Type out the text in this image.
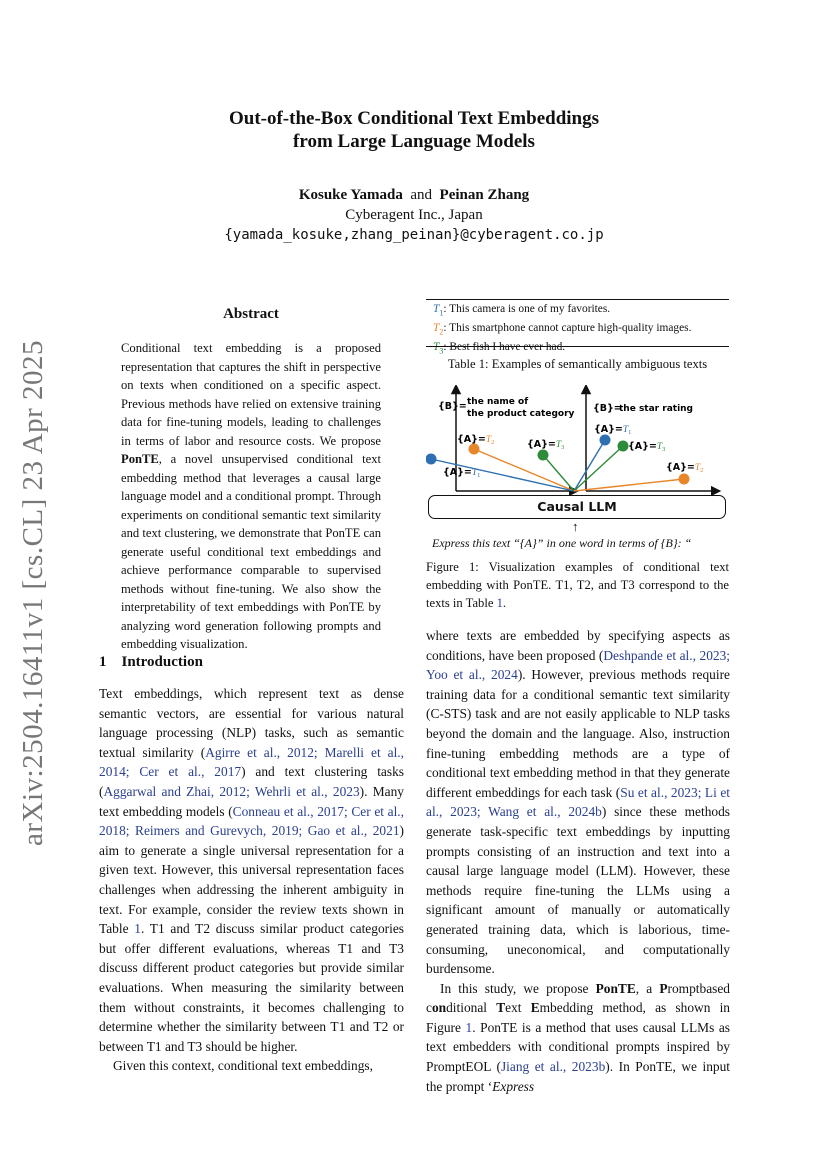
arXiv:2504.16411v1 [cs.CL] 23 Apr 2025
Out-of-the-Box Conditional Text Embeddings
from Large Language Models
Kosuke Yamada and Peinan Zhang
Cyberagent Inc., Japan
{yamada_kosuke,zhang_peinan}@cyberagent.co.jp
Abstract
Conditional text embedding is a proposed representation that captures the shift in perspective on texts when conditioned on a specific aspect. Previous methods have relied on extensive training data for fine-tuning models, leading to challenges in terms of labor and resource costs. We propose PonTE, a novel unsupervised conditional text embedding method that leverages a causal large language model and a conditional prompt. Through experiments on conditional semantic text similarity and text clustering, we demonstrate that PonTE can generate useful conditional text embeddings and achieve performance comparable to supervised methods without fine-tuning. We also show the interpretability of text embeddings with PonTE by analyzing word generation following prompts and embedding visualization.
1 Introduction

Text embeddings, which represent text as dense semantic vectors, are essential for various natural language processing (NLP) tasks, such as semantic textual similarity (Agirre et al., 2012; Marelli et al., 2014; Cer et al., 2017) and text clustering tasks (Aggarwal and Zhai, 2012; Wehrli et al., 2023). Many text embedding models (Conneau et al., 2017; Cer et al., 2018; Reimers and Gurevych, 2019; Gao et al., 2021) aim to generate a single universal representation for a given text. However, this universal representation faces challenges when addressing the inherent ambiguity in text. For example, consider the review texts shown in Table 1. T1 and T2 discuss similar product categories but offer different evaluations, whereas T1 and T3 discuss different product categories but provide similar evaluations. When measuring the similarity between them without constraints, it becomes challenging to determine whether the similarity between T1 and T2 or between T1 and T3 should be higher.

Given this context, conditional text embeddings,

$T_1$: This camera is one of my favorites.
$T_2$: This smartphone cannot capture high-quality images.
$T_3$: Best fish I have ever had.
Table 1: Examples of semantically ambiguous texts
{B}= the name of
the product category {B}=
the star rating
$\{A\}=T_2$	$\{A\}=T_3$
$\{A\}=T_1$
$\{A\}=T_1$
$\{A\}=T_3$
$\{A\}=T_2$
Causal LLM
↑
Express this text “{A}” in one word in terms of {B}: “
Figure 1: Visualization examples of conditional text embedding with PonTE. T1, T2, and T3 correspond to the texts in Table 1.

where texts are embedded by specifying aspects as conditions, have been proposed (Deshpande et al., 2023; Yoo et al., 2024). However, previous methods require training data for a conditional semantic text similarity (C-STS) task and are not easily applicable to NLP tasks beyond the domain and the language. Also, instruction fine-tuning embedding methods are a type of conditional text embedding method in that they generate different embeddings for each task (Su et al., 2023; Li et al., 2023; Wang et al., 2024b) since these methods generate task-specific text embeddings by inputting prompts consisting of an instruction and text into a causal large language model (LLM). However, these methods require fine-tuning the LLMs using a significant amount of manually or automatically generated training data, which is laborious, time-consuming, uneconomical, and computationally burdensome.

In this study, we propose PonTE, a Promptbased conditional Text Embedding method, as shown in Figure 1. PonTE is a method that uses causal LLMs as text embedders with conditional prompts inspired by PromptEOL (Jiang et al., 2023b). In PonTE, we input the prompt ‘Express
